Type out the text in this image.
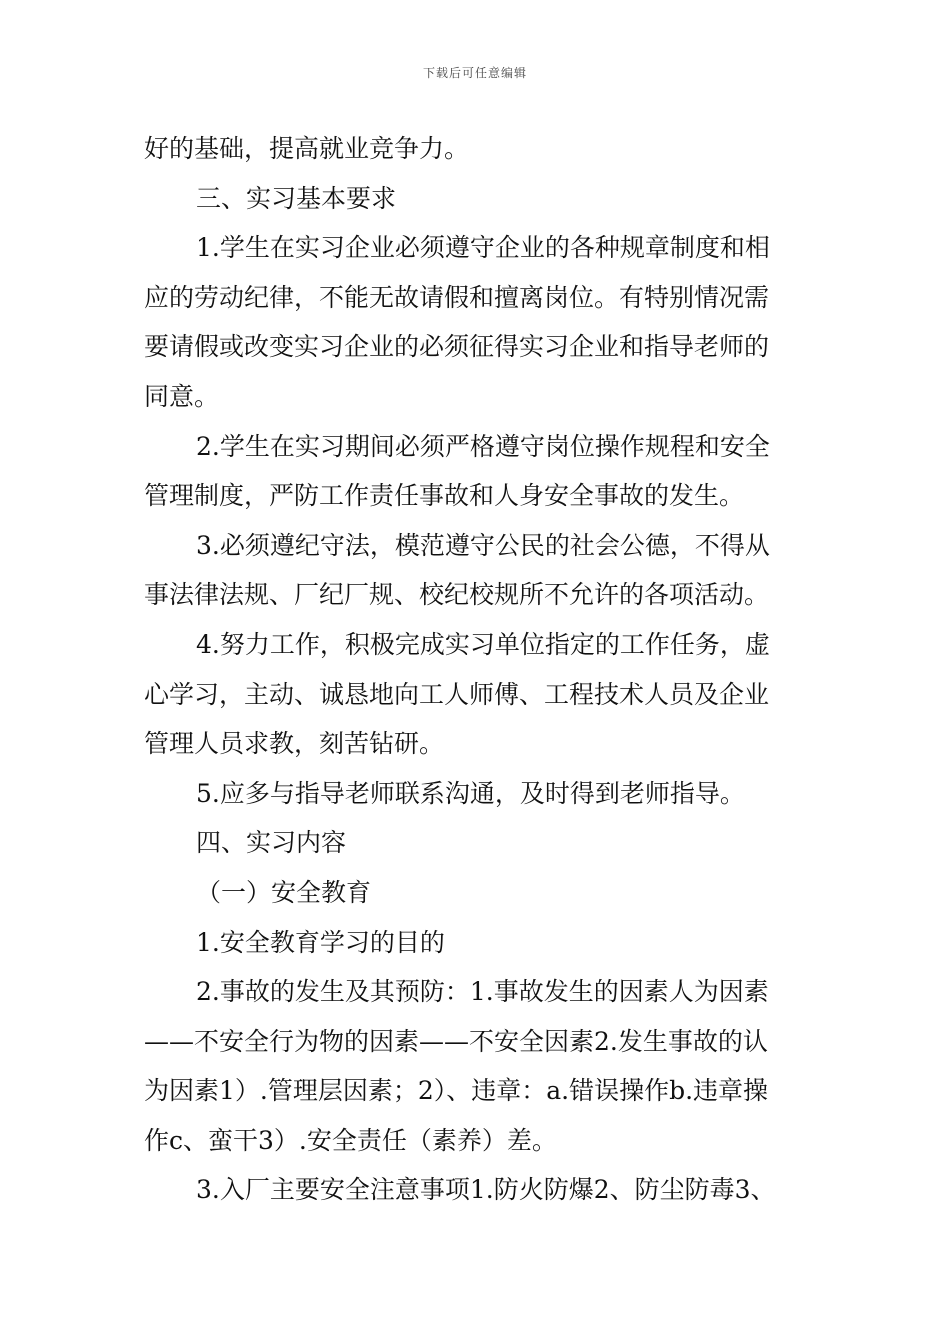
下载后可任意编辑
好的基础，提高就业竞争力。
三、实习基本要求
1.学生在实习企业必须遵守企业的各种规章制度和相
应的劳动纪律，不能无故请假和擅离岗位。有特别情况需
要请假或改变实习企业的必须征得实习企业和指导老师的
同意。
2.学生在实习期间必须严格遵守岗位操作规程和安全
管理制度，严防工作责任事故和人身安全事故的发生。
3.必须遵纪守法，模范遵守公民的社会公德，不得从
事法律法规、厂纪厂规、校纪校规所不允许的各项活动。
4.努力工作，积极完成实习单位指定的工作任务，虚
心学习，主动、诚恳地向工人师傅、工程技术人员及企业
管理人员求教，刻苦钻研。
5.应多与指导老师联系沟通，及时得到老师指导。
四、实习内容
（一）安全教育
1.安全教育学习的目的
2.事故的发生及其预防：1.事故发生的因素人为因素
——不安全行为物的因素——不安全因素2.发生事故的认
为因素1）.管理层因素；2）、违章：a.错误操作b.违章操
作c、蛮干3）.安全责任（素养）差。
3.入厂主要安全注意事项1.防火防爆2、防尘防毒3、
